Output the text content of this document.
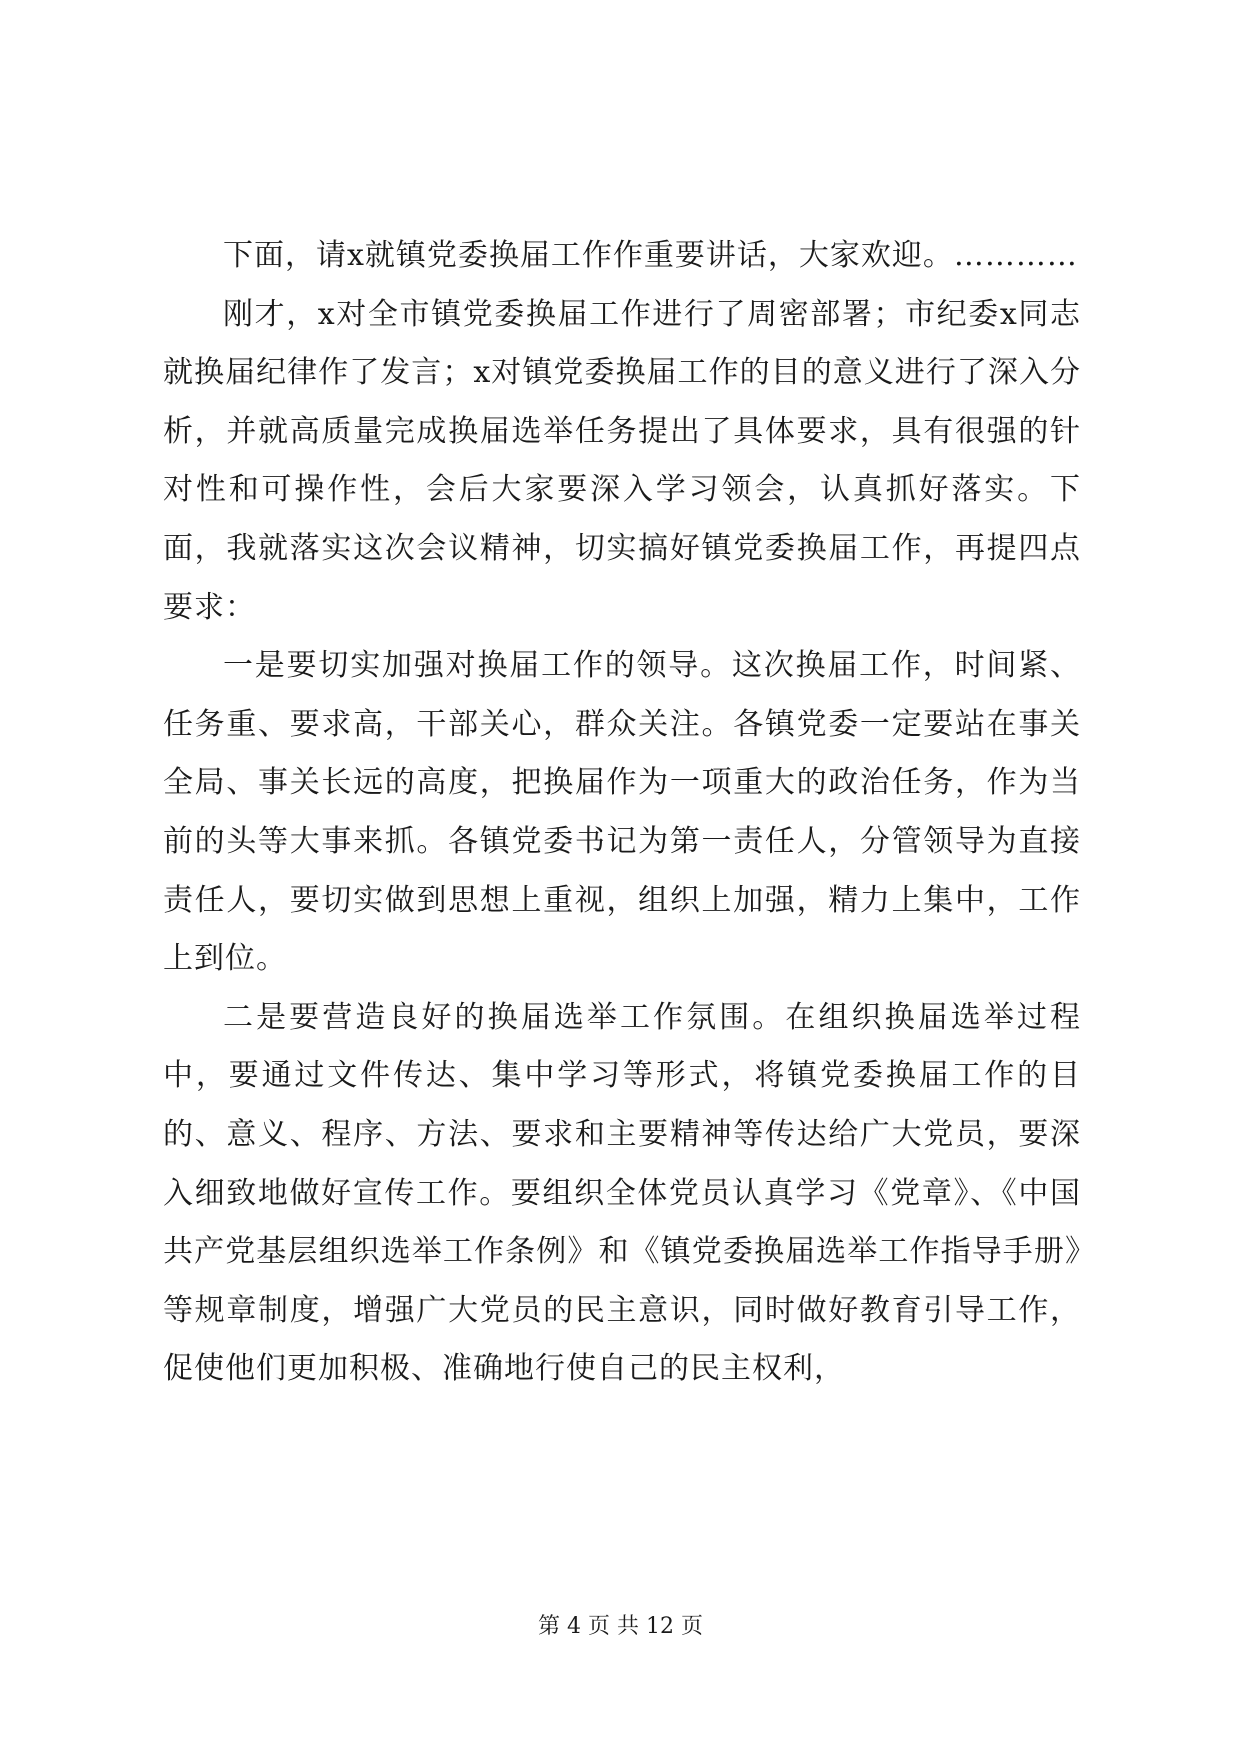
下面，请x就镇党委换届工作作重要讲话，大家欢迎。…………

刚才，x对全市镇党委换届工作进行了周密部署；市纪委x同志就换届纪律作了发言；x对镇党委换届工作的目的意义进行了深入分析，并就高质量完成换届选举任务提出了具体要求，具有很强的针对性和可操作性，会后大家要深入学习领会，认真抓好落实。下面，我就落实这次会议精神，切实搞好镇党委换届工作，再提四点要求：

一是要切实加强对换届工作的领导。这次换届工作，时间紧、任务重、要求高，干部关心，群众关注。各镇党委一定要站在事关全局、事关长远的高度，把换届作为一项重大的政治任务，作为当前的头等大事来抓。各镇党委书记为第一责任人，分管领导为直接责任人，要切实做到思想上重视，组织上加强，精力上集中，工作上到位。

二是要营造良好的换届选举工作氛围。在组织换届选举过程中，要通过文件传达、集中学习等形式，将镇党委换届工作的目的、意义、程序、方法、要求和主要精神等传达给广大党员，要深入细致地做好宣传工作。要组织全体党员认真学习《党章》、《中国共产党基层组织选举工作条例》和《镇党委换届选举工作指导手册》等规章制度，增强广大党员的民主意识，同时做好教育引导工作，促使他们更加积极、准确地行使自己的民主权利，

第 4 页 共 12 页
